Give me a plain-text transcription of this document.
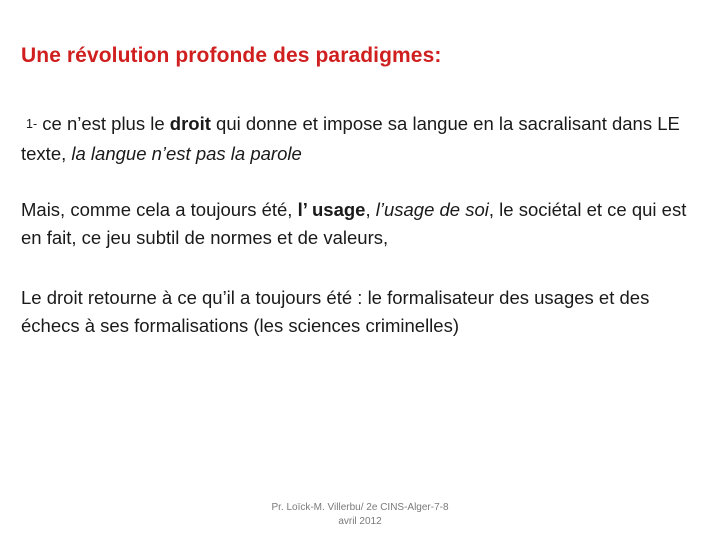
Une révolution profonde des paradigmes:
1- ce n’est plus le droit qui donne et impose sa langue en la sacralisant dans LE texte, la langue n’est pas la parole
Mais, comme cela a toujours été, l’ usage, l’usage de soi, le sociétal et ce qui est en fait, ce jeu subtil de normes et de valeurs,
Le droit retourne à ce qu’il a toujours été : le formalisateur des usages et des échecs à ses formalisations (les sciences criminelles)
Pr. Loïck-M. Villerbu/ 2e CINS-Alger-7-8
avril 2012
